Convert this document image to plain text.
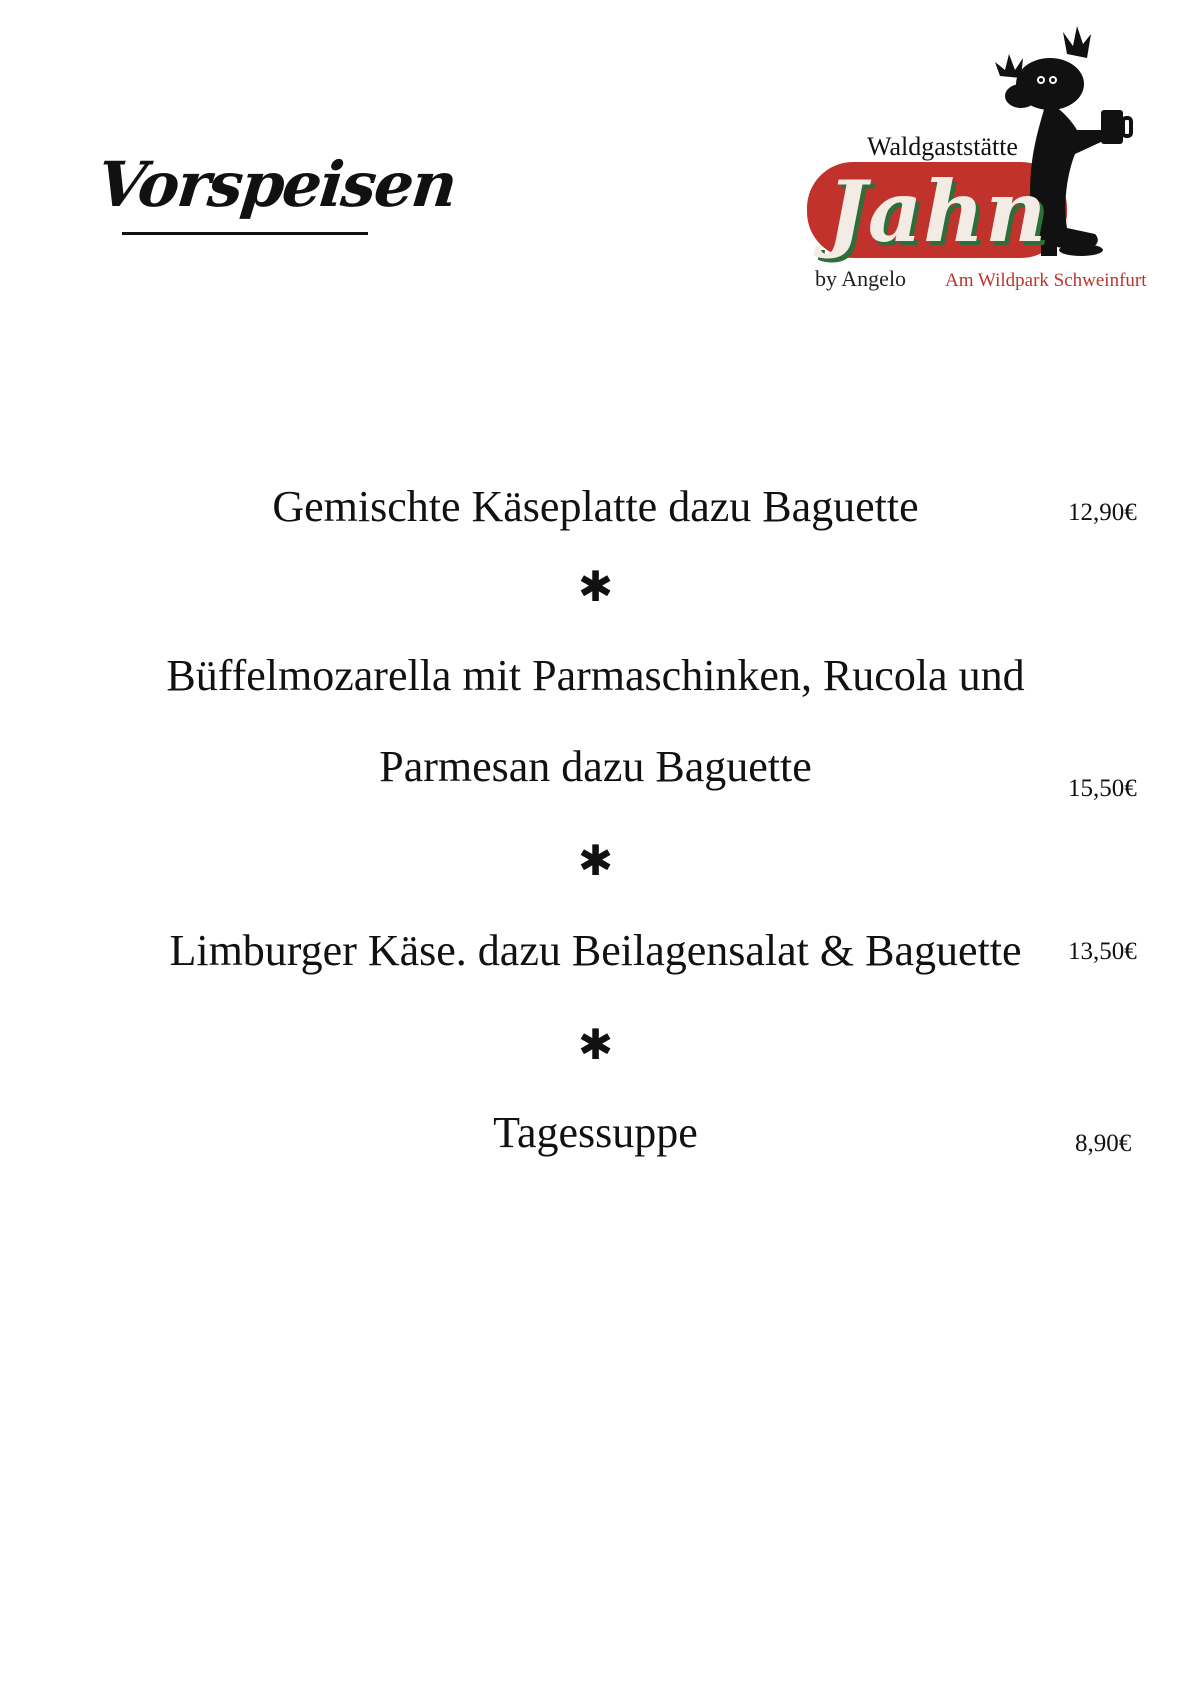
Vorspeisen
Waldgaststätte
Jahn
by Angelo Am Wildpark Schweinfurt
Gemischte Käseplatte dazu Baguette	12,90€
✱
Büffelmozarella mit Parmaschinken, Rucola und
Parmesan dazu Baguette	15,50€
✱
Limburger Käse. dazu Beilagensalat & Baguette	13,50€
✱
Tagessuppe	8,90€
